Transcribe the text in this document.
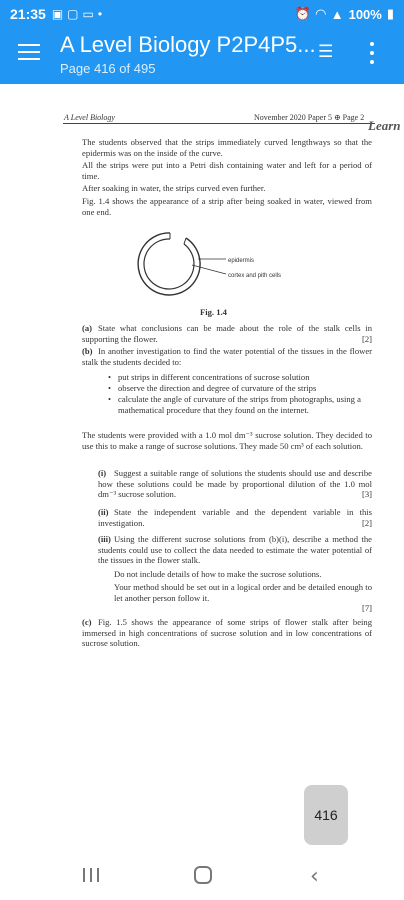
21:35 ▣ ▢ ▭ •	⏰ ◠ ▲ 100% ▮
A Level Biology P2P4P5...
Page 416 of 495
☰
A Level Biology	November 2020 Paper 5 ⊕ Page 2
Learn

The students observed that the strips immediately curved lengthways so that the epidermis was on the inside of the curve.

All the strips were put into a Petri dish containing water and left for a period of time.

After soaking in water, the strips curved even further.

Fig. 1.4 shows the appearance of a strip after being soaked in water, viewed from one end.

epidermis
cortex and pith cells
Fig. 1.4
(a) State what conclusions can be made about the role of the stalk cells in supporting the flower.	[2]
(b) In another investigation to find the water potential of the tissues in the flower stalk the students decided to:
• put strips in different concentrations of sucrose solution
• observe the direction and degree of curvature of the strips
• calculate the angle of curvature of the strips from photographs, using a mathematical procedure that they found on the internet.

The students were provided with a 1.0 mol dm⁻³ sucrose solution. They decided to use this to make a range of sucrose solutions. They made 50 cm³ of each solution.

(i) Suggest a suitable range of solutions the students should use and describe how these solutions could be made by proportional dilution of the 1.0 mol dm⁻³ sucrose solution.	[3]
(ii) State the independent variable and the dependent variable in this investigation.	[2]
(iii) Using the different sucrose solutions from (b)(i), describe a method the students could use to collect the data needed to estimate the water potential of the tissues in the flower stalk.

Do not include details of how to make the sucrose solutions.

Your method should be set out in a logical order and be detailed enough to let another person follow it.

[7]
(c) Fig. 1.5 shows the appearance of some strips of flower stalk after being immersed in high concentrations of sucrose solution and in low concentrations of sucrose solution.
416
‹
